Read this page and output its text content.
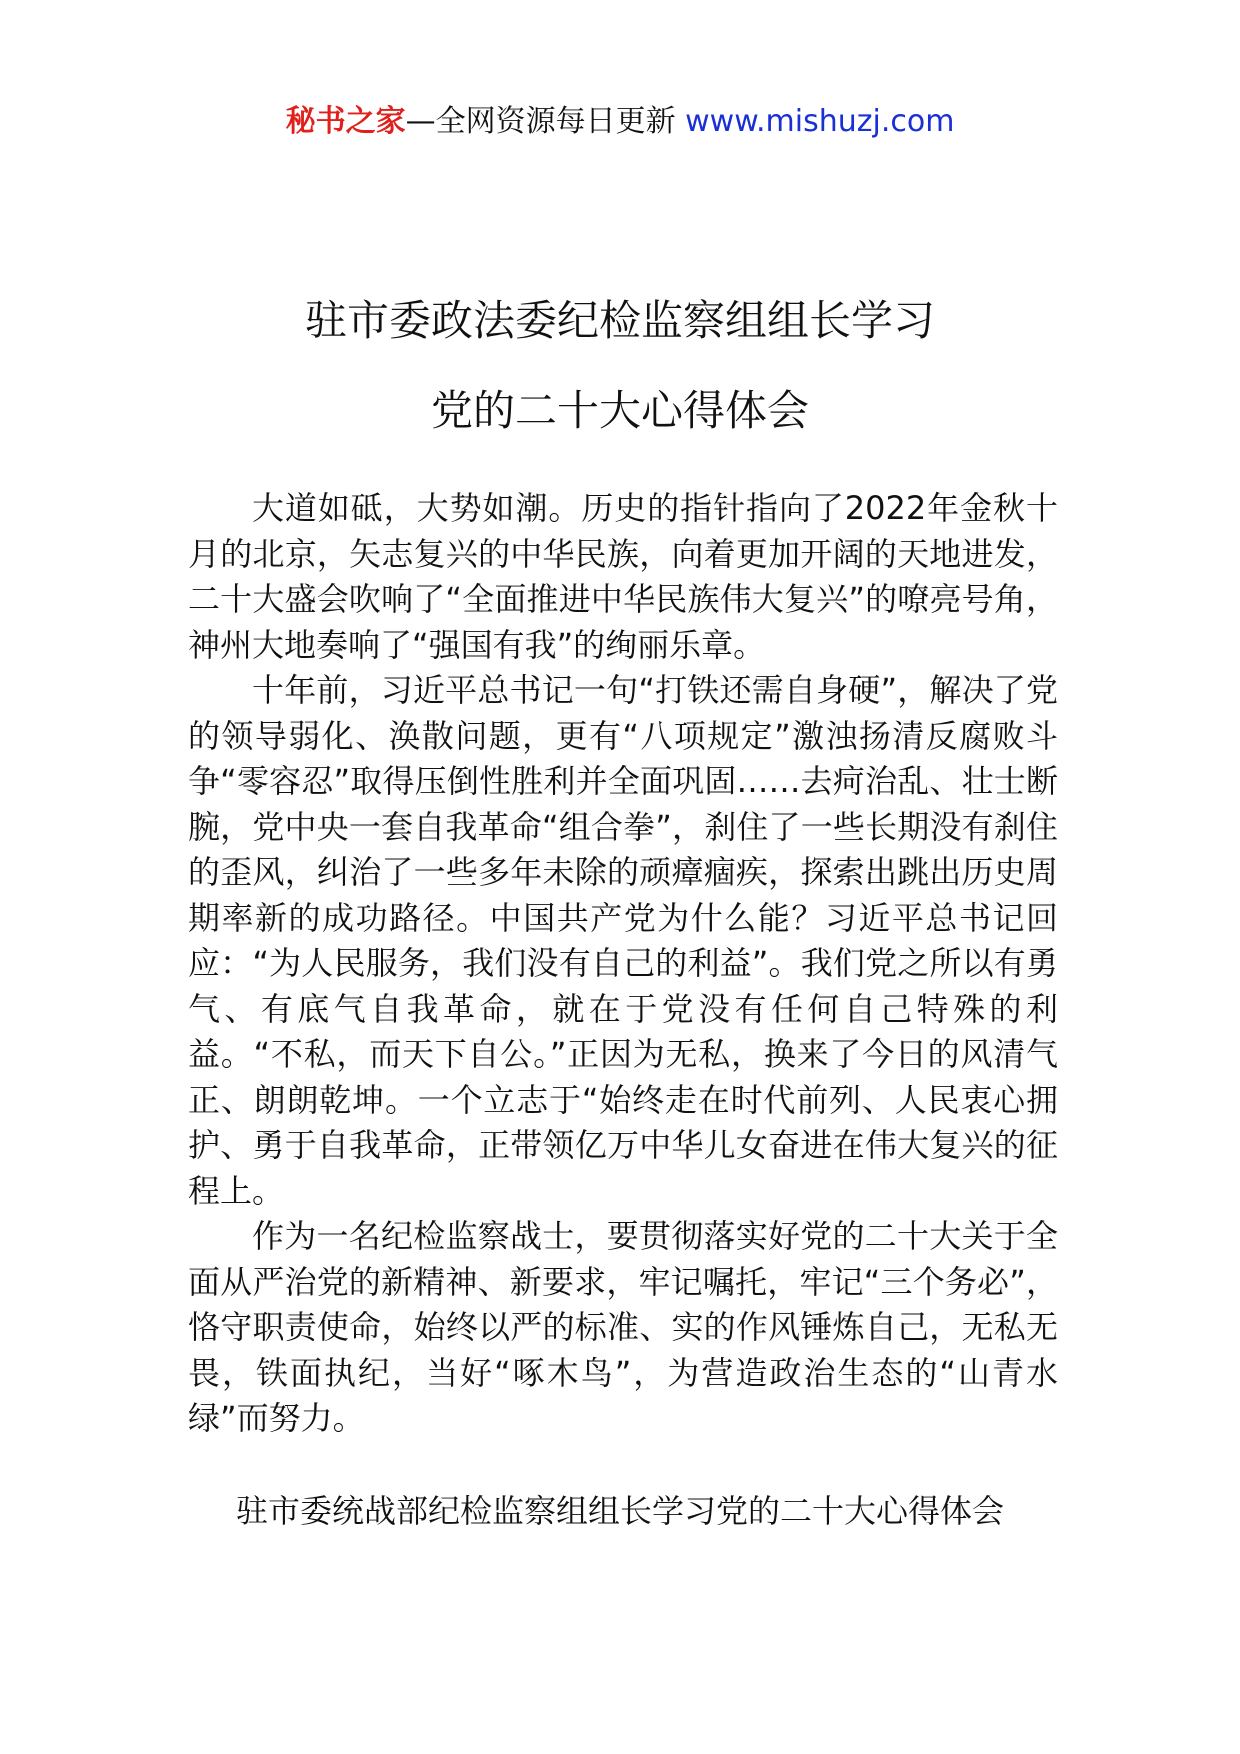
秘书之家—全网资源每日更新 www.mishuzj.com
驻市委政法委纪检监察组组长学习
党的二十大心得体会

大道如砥，大势如潮。历史的指针指向了2022年金秋十月的北京，矢志复兴的中华民族，向着更加开阔的天地进发，二十大盛会吹响了“全面推进中华民族伟大复兴”的嘹亮号角，神州大地奏响了“强国有我”的绚丽乐章。

十年前，习近平总书记一句“打铁还需自身硬”，解决了党的领导弱化、涣散问题，更有“八项规定”激浊扬清反腐败斗争“零容忍”取得压倒性胜利并全面巩固……去疴治乱、壮士断腕，党中央一套自我革命“组合拳”，刹住了一些长期没有刹住的歪风，纠治了一些多年未除的顽瘴痼疾，探索出跳出历史周期率新的成功路径。中国共产党为什么能？习近平总书记回应：“为人民服务，我们没有自己的利益”。我们党之所以有勇气、有底气自我革命，就在于党没有任何自己特殊的利益。“不私，而天下自公。”正因为无私，换来了今日的风清气正、朗朗乾坤。一个立志于“始终走在时代前列、人民衷心拥护、勇于自我革命，正带领亿万中华儿女奋进在伟大复兴的征程上。

作为一名纪检监察战士，要贯彻落实好党的二十大关于全面从严治党的新精神、新要求，牢记嘱托，牢记“三个务必”，恪守职责使命，始终以严的标准、实的作风锤炼自己，无私无畏，铁面执纪，当好“啄木鸟”，为营造政治生态的“山青水绿”而努力。

驻市委统战部纪检监察组组长学习党的二十大心得体会
